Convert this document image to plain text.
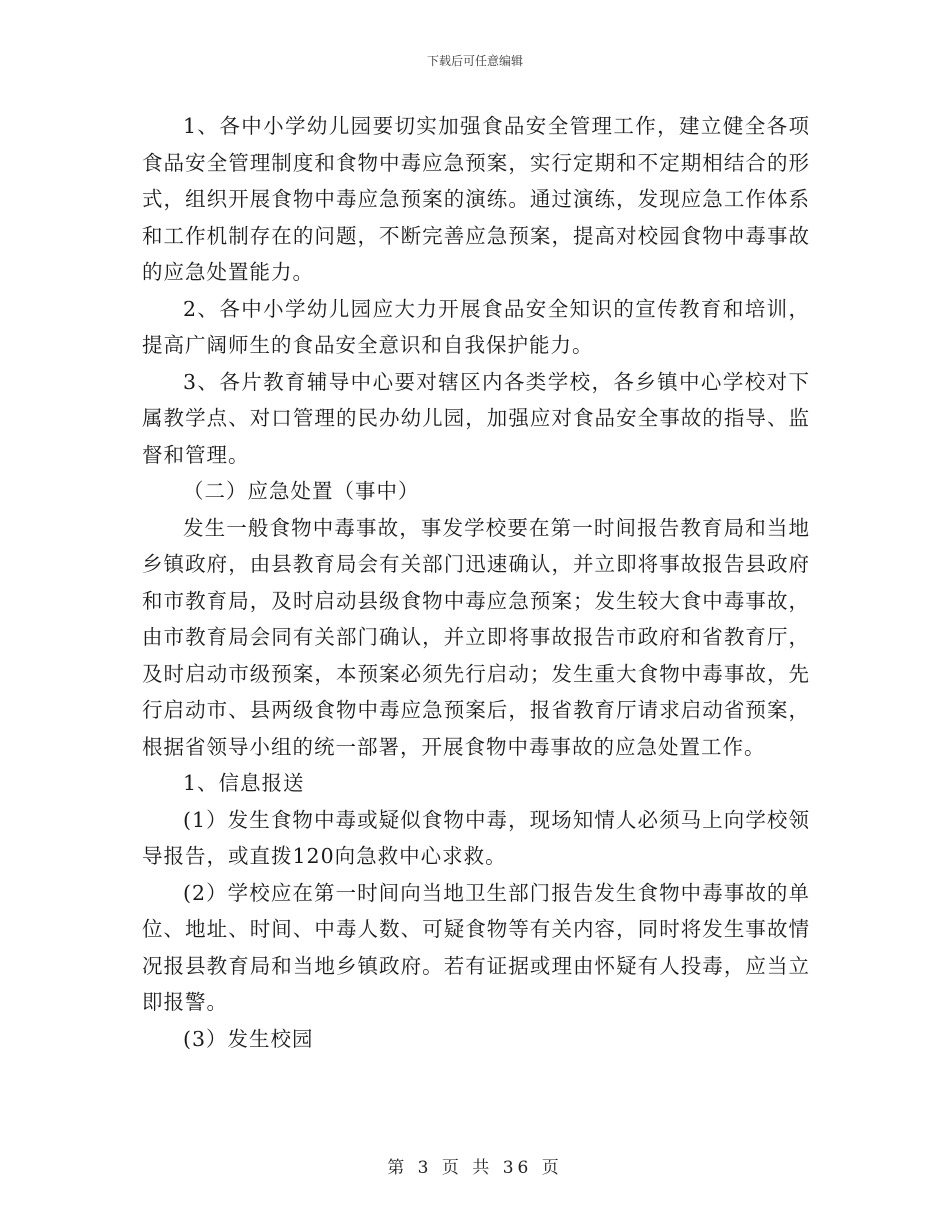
下载后可任意编辑

1、各中小学幼儿园要切实加强食品安全管理工作，建立健全各项食品安全管理制度和食物中毒应急预案，实行定期和不定期相结合的形式，组织开展食物中毒应急预案的演练。通过演练，发现应急工作体系和工作机制存在的问题，不断完善应急预案，提高对校园食物中毒事故的应急处置能力。

2、各中小学幼儿园应大力开展食品安全知识的宣传教育和培训，提高广阔师生的食品安全意识和自我保护能力。

3、各片教育辅导中心要对辖区内各类学校，各乡镇中心学校对下属教学点、对口管理的民办幼儿园，加强应对食品安全事故的指导、监督和管理。

（二）应急处置（事中）

发生一般食物中毒事故，事发学校要在第一时间报告教育局和当地乡镇政府，由县教育局会有关部门迅速确认，并立即将事故报告县政府和市教育局，及时启动县级食物中毒应急预案；发生较大食中毒事故，由市教育局会同有关部门确认，并立即将事故报告市政府和省教育厅，及时启动市级预案，本预案必须先行启动；发生重大食物中毒事故，先行启动市、县两级食物中毒应急预案后，报省教育厅请求启动省预案，根据省领导小组的统一部署，开展食物中毒事故的应急处置工作。

1、信息报送

(1）发生食物中毒或疑似食物中毒，现场知情人必须马上向学校领导报告，或直拨120向急救中心求救。

(2）学校应在第一时间向当地卫生部门报告发生食物中毒事故的单位、地址、时间、中毒人数、可疑食物等有关内容，同时将发生事故情况报县教育局和当地乡镇政府。若有证据或理由怀疑有人投毒，应当立即报警。

(3）发生校园

第 3 页 共 36 页
